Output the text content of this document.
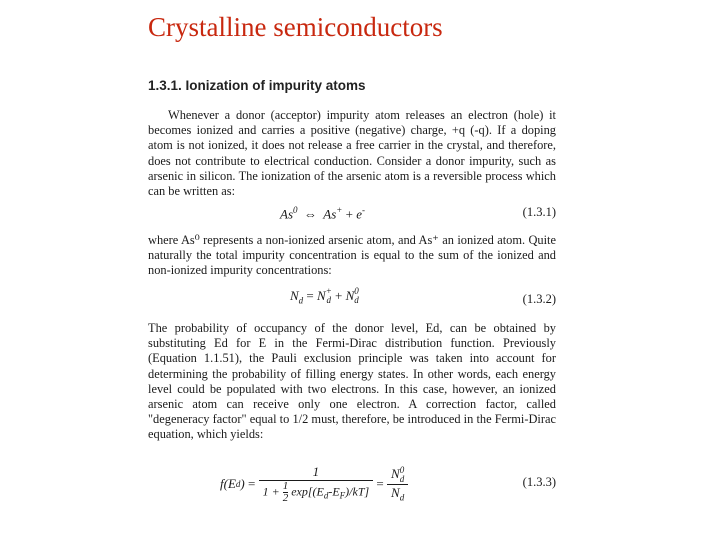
Crystalline semiconductors
1.3.1. Ionization of impurity atoms
Whenever a donor (acceptor) impurity atom releases an electron (hole) it becomes ionized and carries a positive (negative) charge, +q (-q). If a doping atom is not ionized, it does not release a free carrier in the crystal, and therefore, does not contribute to electrical conduction. Consider a donor impurity, such as arsenic in silicon. The ionization of the arsenic atom is a reversible process which can be written as:
As$^0$ ⇔ As+ + e-	(1.3.1)
where As⁰ represents a non-ionized arsenic atom, and As⁺ an ionized atom. Quite naturally the total impurity concentration is equal to the sum of the ionized and non-ionized impurity concentrations:
$N_d = N+$
d + N0
d	(1.3.2)
The probability of occupancy of the donor level, Ed, can be obtained by substituting Ed for E in the Fermi-Dirac distribution function. Previously (Equation 1.1.51), the Pauli exclusion principle was taken into account for determining the probability of filling energy states. In other words, each energy level could be populated with two electrons. In this case, however, an ionized arsenic atom can receive only one electron. A correction factor, called "degeneracy factor" equal to 1/2 must, therefore, be introduced in the Fermi-Dirac equation, which yields:
f(E d )
=
$\frac{1}{1 + \frac{1}{2} \exp[(E_d-E_F)/kT]}$
=

N0
d
$N_d$
(1.3.3)
